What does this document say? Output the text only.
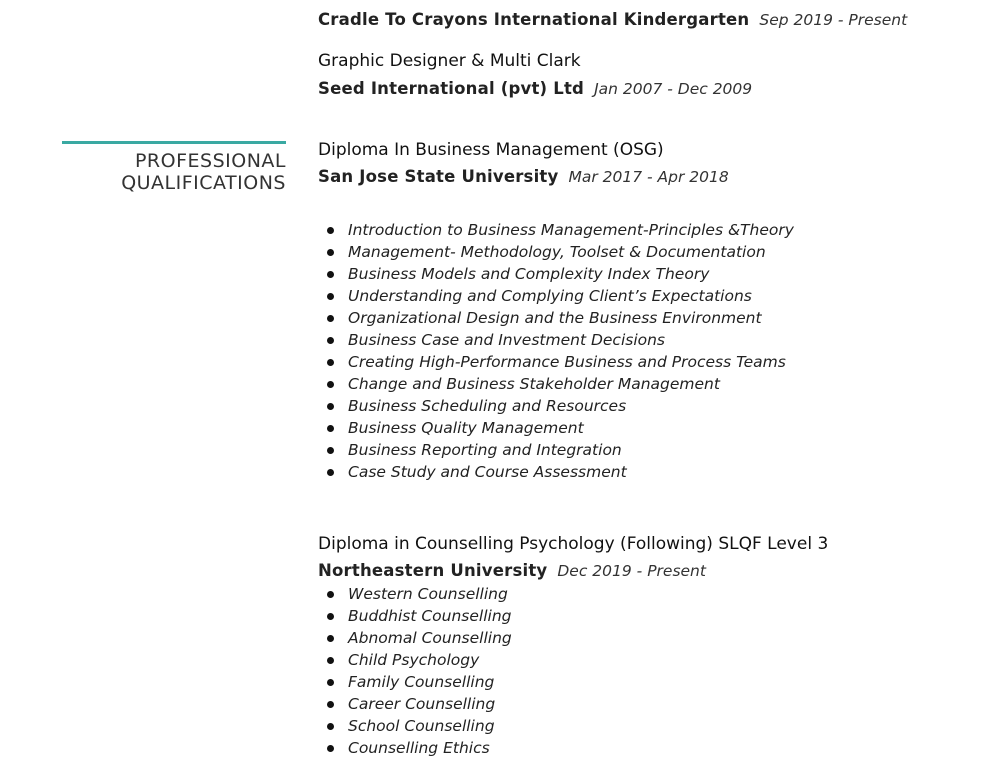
Cradle To Crayons International Kindergarten Sep 2019 - Present
Graphic Designer & Multi Clark
Seed International (pvt) Ltd Jan 2007 - Dec 2009
PROFESSIONAL
QUALIFICATIONS
Diploma In Business Management (OSG)
San Jose State University Mar 2017 - Apr 2018
Introduction to Business Management-Principles &Theory
Management- Methodology, Toolset & Documentation
Business Models and Complexity Index Theory
Understanding and Complying Client’s Expectations
Organizational Design and the Business Environment
Business Case and Investment Decisions
Creating High-Performance Business and Process Teams
Change and Business Stakeholder Management
Business Scheduling and Resources
Business Quality Management
Business Reporting and Integration
Case Study and Course Assessment
Diploma in Counselling Psychology (Following) SLQF Level 3
Northeastern University Dec 2019 - Present
Western Counselling
Buddhist Counselling
Abnomal Counselling
Child Psychology
Family Counselling
Career Counselling
School Counselling
Counselling Ethics
